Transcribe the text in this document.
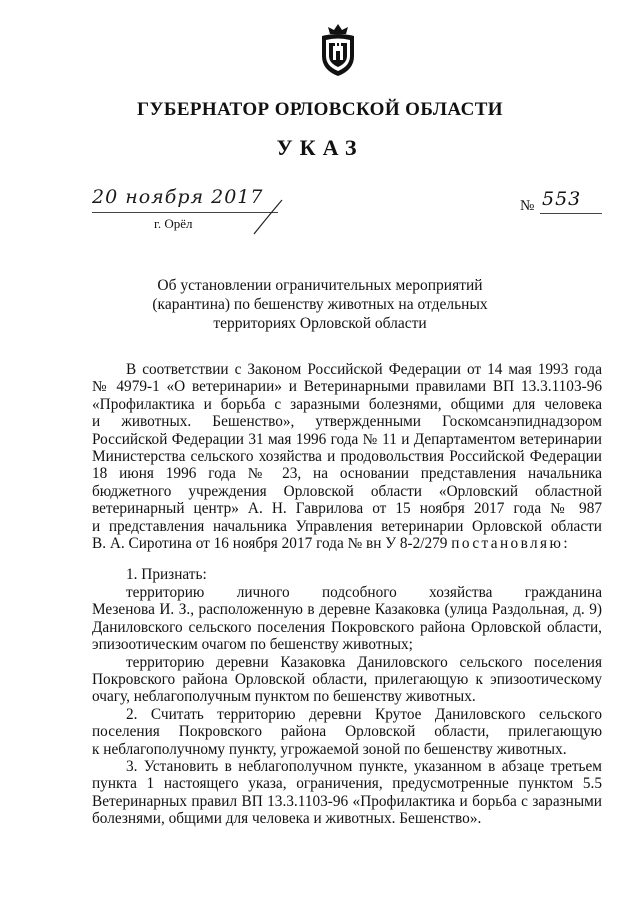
ГУБЕРНАТОР ОРЛОВСКОЙ ОБЛАСТИ
УКАЗ
20 ноября 2017
г. Орёл
№ 553
Об установлении ограничительных мероприятий
(карантина) по бешенству животных на отдельных
территориях Орловской области
В соответствии с Законом Российской Федерации от 14 мая 1993 года
№ 4979-1 «О ветеринарии» и Ветеринарными правилами ВП 13.3.1103-96
«Профилактика и борьба с заразными болезнями, общими для человека
и животных. Бешенство», утвержденными Госкомсанэпиднадзором
Российской Федерации 31 мая 1996 года № 11 и Департаментом ветеринарии
Министерства сельского хозяйства и продовольствия Российской Федерации
18 июня 1996 года № 23, на основании представления начальника
бюджетного учреждения Орловской области «Орловский областной
ветеринарный центр» А. Н. Гаврилова от 15 ноября 2017 года № 987
и представления начальника Управления ветеринарии Орловской области
В. А. Сиротина от 16 ноября 2017 года № вн У 8-2/279 постановляю:
1. Признать:
территорию личного подсобного хозяйства гражданина
Мезенова И. З., расположенную в деревне Казаковка (улица Раздольная, д. 9)
Даниловского сельского поселения Покровского района Орловской области,
эпизоотическим очагом по бешенству животных;
территорию деревни Казаковка Даниловского сельского поселения
Покровского района Орловской области, прилегающую к эпизоотическому
очагу, неблагополучным пунктом по бешенству животных.
2. Считать территорию деревни Крутое Даниловского сельского
поселения Покровского района Орловской области, прилегающую
к неблагополучному пункту, угрожаемой зоной по бешенству животных.
3. Установить в неблагополучном пункте, указанном в абзаце третьем
пункта 1 настоящего указа, ограничения, предусмотренные пунктом 5.5
Ветеринарных правил ВП 13.3.1103-96 «Профилактика и борьба с заразными
болезнями, общими для человека и животных. Бешенство».
